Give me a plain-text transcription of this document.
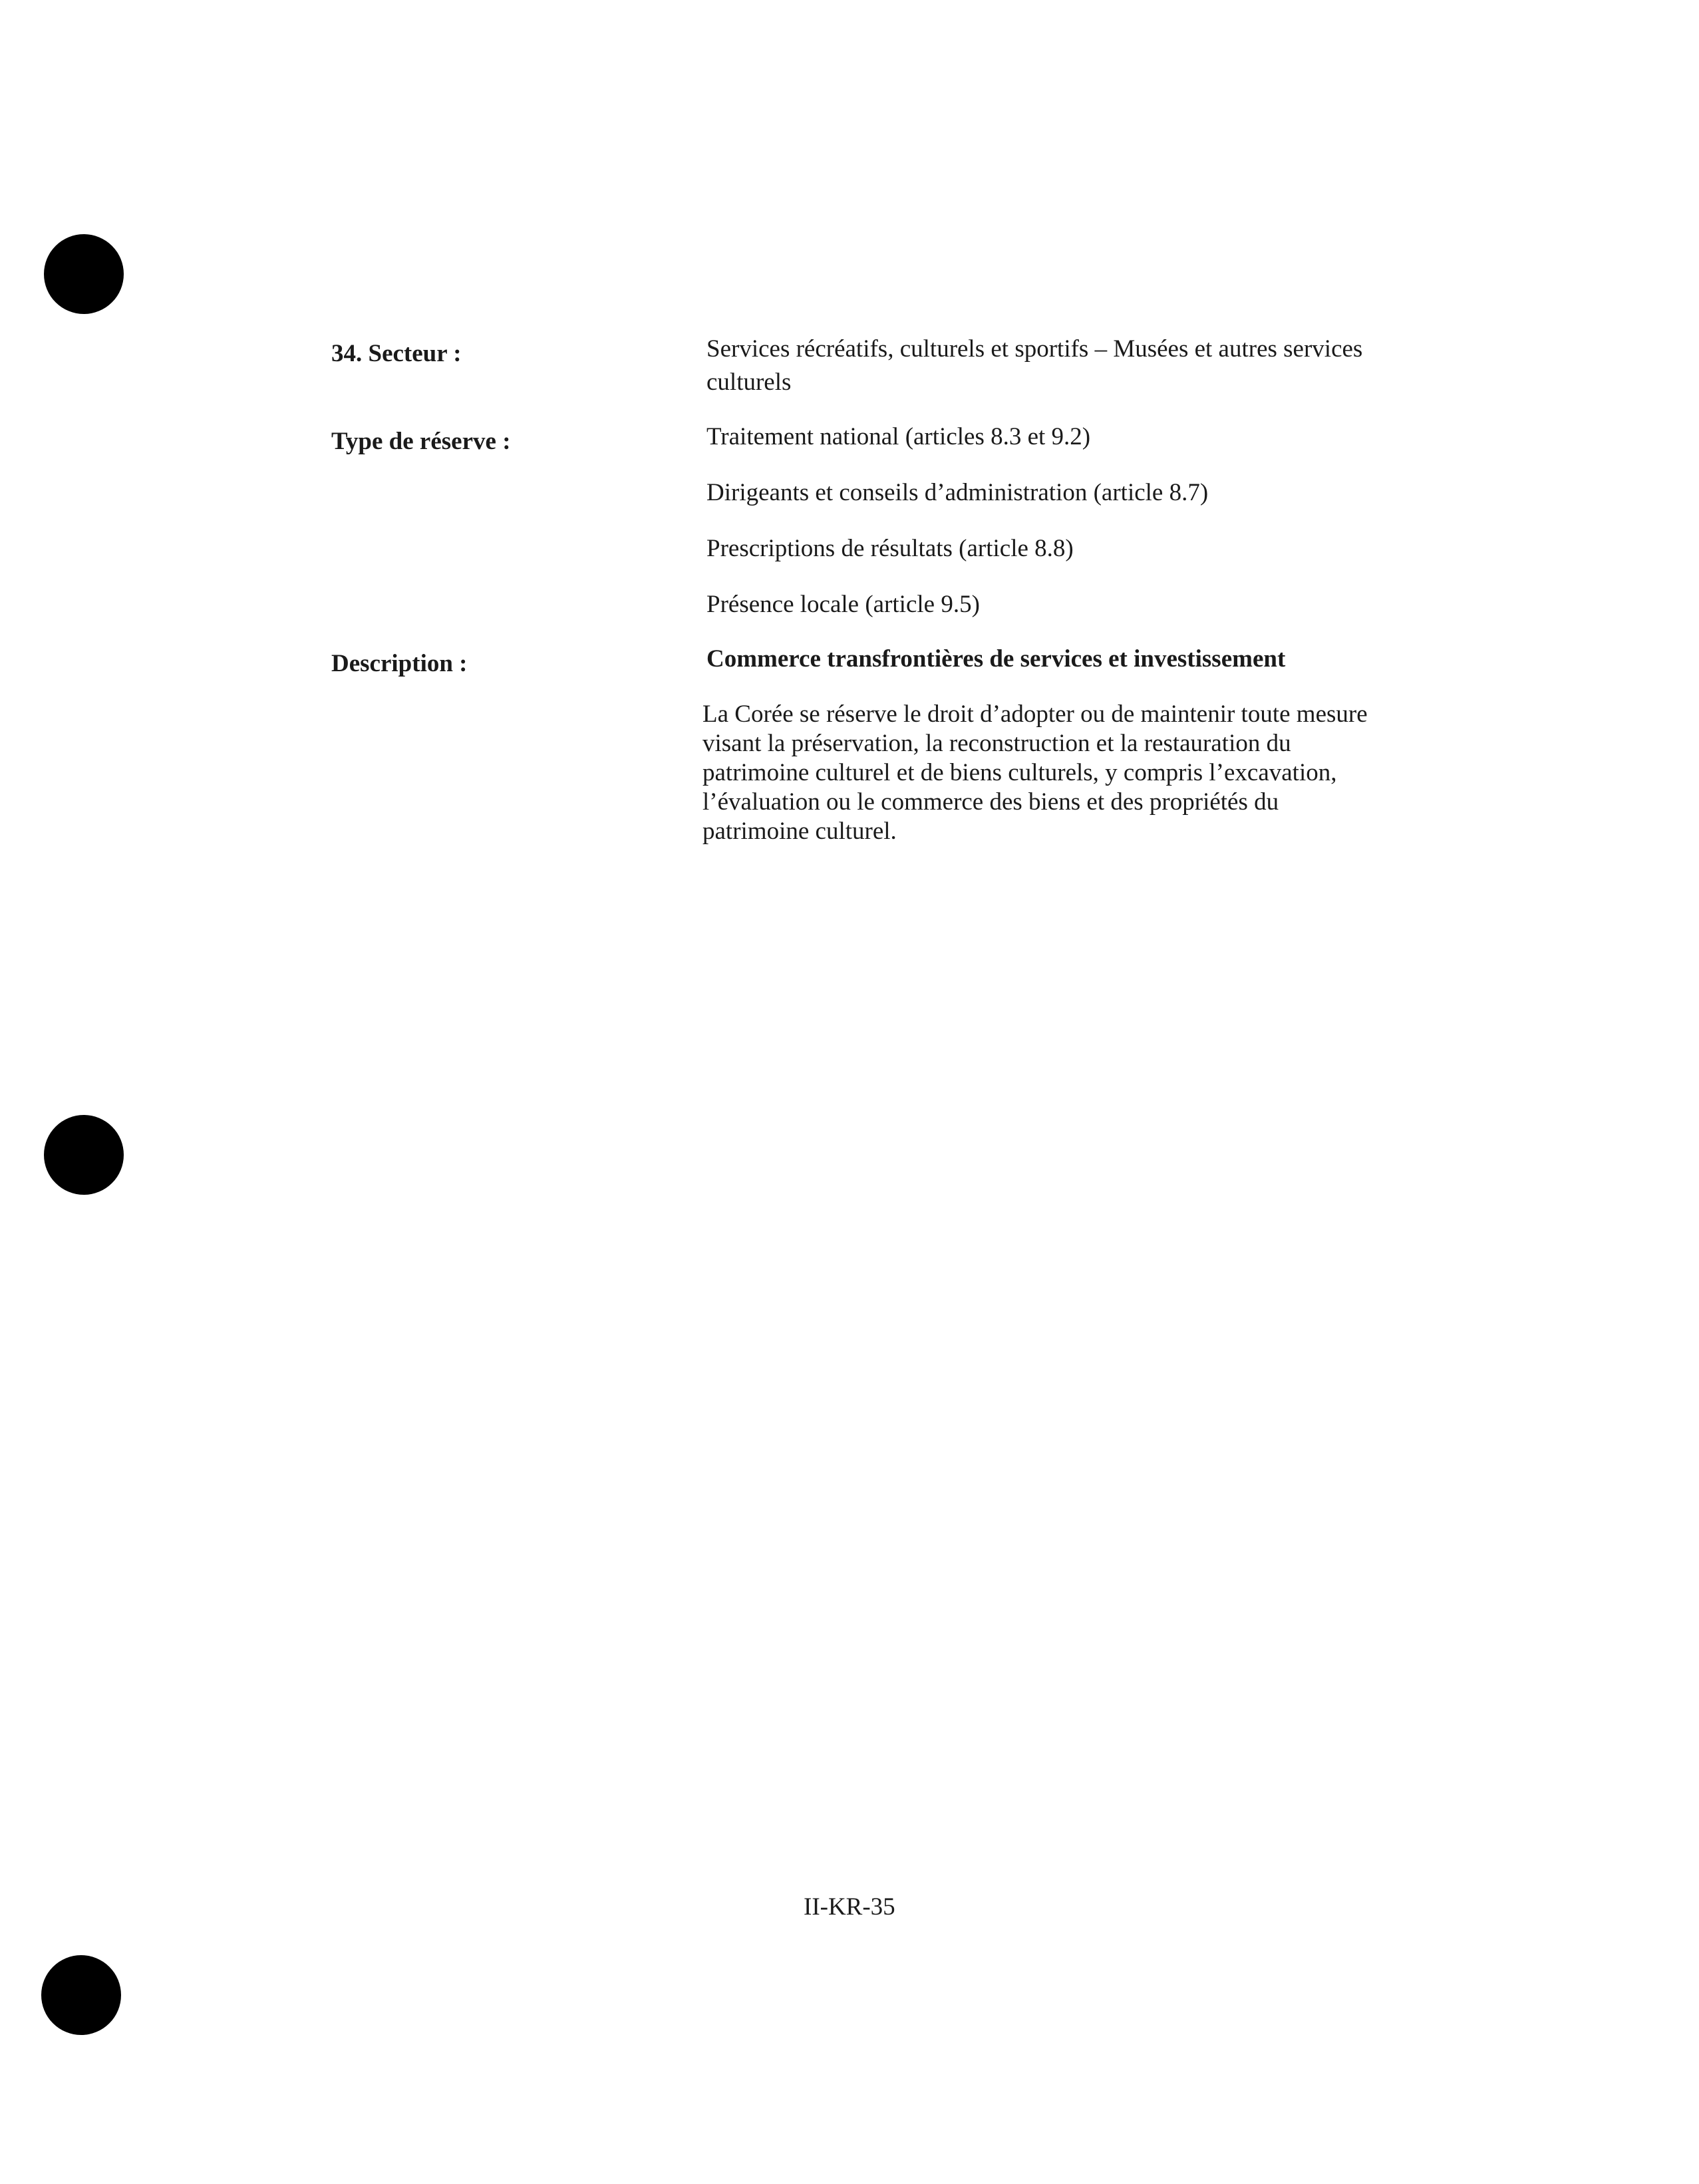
34. Secteur :	Services récréatifs, culturels et sportifs – Musées et autres services culturels
Type de réserve :	Traitement national (articles 8.3 et 9.2)
Dirigeants et conseils d’administration (article 8.7)
Prescriptions de résultats (article 8.8)
Présence locale (article 9.5)
Description :	Commerce transfrontières de services et investissement
La Corée se réserve le droit d’adopter ou de maintenir toute mesure visant la préservation, la reconstruction et la restauration du patrimoine culturel et de biens culturels, y compris l’excavation, l’évaluation ou le commerce des biens et des propriétés du patrimoine culturel.
II-KR-35
